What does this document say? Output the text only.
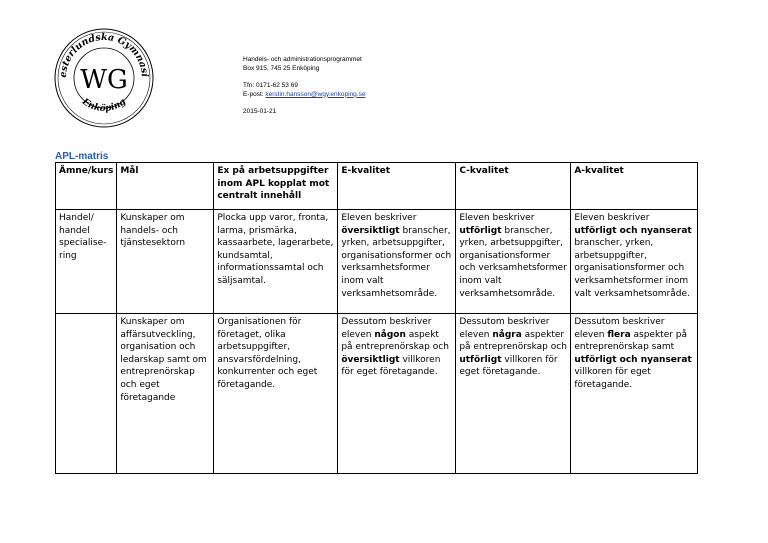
esterlundska Gymnasi
Enköping
WG
Handels- och administrationsprogrammet
Box 915, 745 25 Enköping
Tfn: 0171-62 53 69
E-post: kerstin.hansson@wgy.enkoping.se
2015-01-21
APL-matris
Ämne/kurs	Mål	Ex på arbetsuppgifter inom APL kopplat mot centralt innehåll	E-kvalitet	C-kvalitet	A-kvalitet
Handel/ handel specialise-ring	Kunskaper om handels- och tjänstesektorn	Plocka upp varor, fronta, larma, prismärka, kassaarbete, lagerarbete, kundsamtal, informationssamtal och säljsamtal.	Eleven beskriver översiktligt branscher, yrken, arbetsuppgifter, organisationsformer och verksamhetsformer inom valt verksamhetsområde.	Eleven beskriver utförligt branscher, yrken, arbetsuppgifter, organisationsformer och verksamhetsformer inom valt verksamhetsområde.	Eleven beskriver utförligt och nyanserat branscher, yrken, arbetsuppgifter, organisationsformer och verksamhetsformer inom valt verksamhetsområde.
	Kunskaper om affärsutveckling, organisation och ledarskap samt om entreprenörskap och eget företagande	Organisationen för företaget, olika arbetsuppgifter, ansvarsfördelning, konkurrenter och eget företagande.	Dessutom beskriver eleven någon aspekt på entreprenörskap och översiktligt villkoren för eget företagande.	Dessutom beskriver eleven några aspekter på entreprenörskap och utförligt villkoren för eget företagande.	Dessutom beskriver eleven flera aspekter på entreprenörskap samt utförligt och nyanserat villkoren för eget företagande.
